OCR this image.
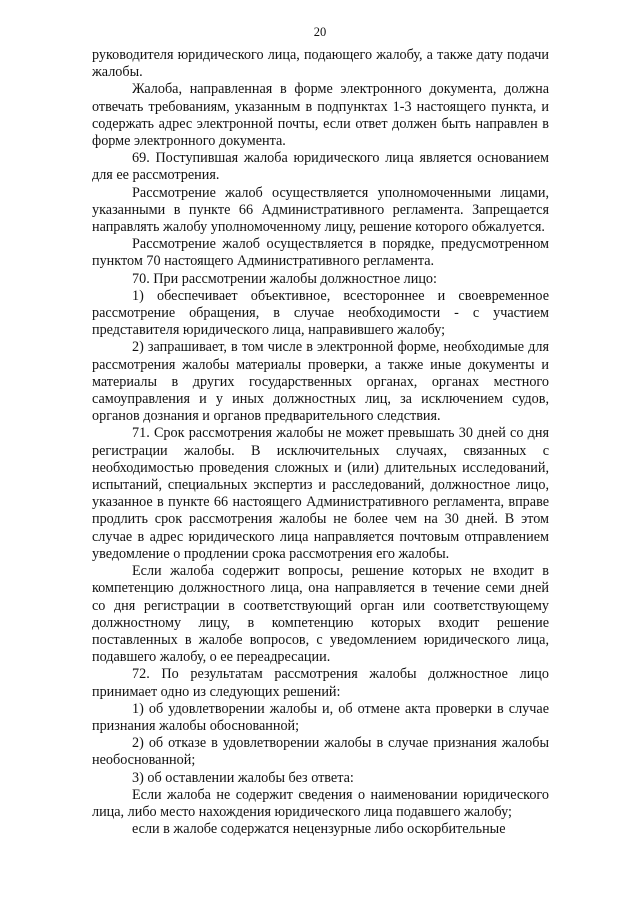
20

руководителя юридического лица, подающего жалобу, а также дату подачи жалобы.

Жалоба, направленная в форме электронного документа, должна отвечать требованиям, указанным в подпунктах 1-3 настоящего пункта, и содержать адрес электронной почты, если ответ должен быть направлен в форме электронного документа.

69. Поступившая жалоба юридического лица является основанием для ее рассмотрения.

Рассмотрение жалоб осуществляется уполномоченными лицами, указанными в пункте 66 Административного регламента. Запрещается направлять жалобу уполномоченному лицу, решение которого обжалуется.

Рассмотрение жалоб осуществляется в порядке, предусмотренном пунктом 70 настоящего Административного регламента.

70. При рассмотрении жалобы должностное лицо:

1) обеспечивает объективное, всестороннее и своевременное рассмотрение обращения, в случае необходимости - с участием представителя юридического лица, направившего жалобу;

2) запрашивает, в том числе в электронной форме, необходимые для рассмотрения жалобы материалы проверки, а также иные документы и материалы в других государственных органах, органах местного самоуправления и у иных должностных лиц, за исключением судов, органов дознания и органов предварительного следствия.

71. Срок рассмотрения жалобы не может превышать 30 дней со дня регистрации жалобы. В исключительных случаях, связанных с необходимостью проведения сложных и (или) длительных исследований, испытаний, специальных экспертиз и расследований, должностное лицо, указанное в пункте 66 настоящего Административного регламента, вправе продлить срок рассмотрения жалобы не более чем на 30 дней. В этом случае в адрес юридического лица направляется почтовым отправлением уведомление о продлении срока рассмотрения его жалобы.

Если жалоба содержит вопросы, решение которых не входит в компетенцию должностного лица, она направляется в течение семи дней со дня регистрации в соответствующий орган или соответствующему должностному лицу, в компетенцию которых входит решение поставленных в жалобе вопросов, с уведомлением юридического лица, подавшего жалобу, о ее переадресации.

72. По результатам рассмотрения жалобы должностное лицо принимает одно из следующих решений:

1) об удовлетворении жалобы и, об отмене акта проверки в случае признания жалобы обоснованной;

2) об отказе в удовлетворении жалобы в случае признания жалобы необоснованной;

3) об оставлении жалобы без ответа:

Если жалоба не содержит сведения о наименовании юридического лица, либо место нахождения юридического лица подавшего жалобу;

если в жалобе содержатся нецензурные либо оскорбительные
